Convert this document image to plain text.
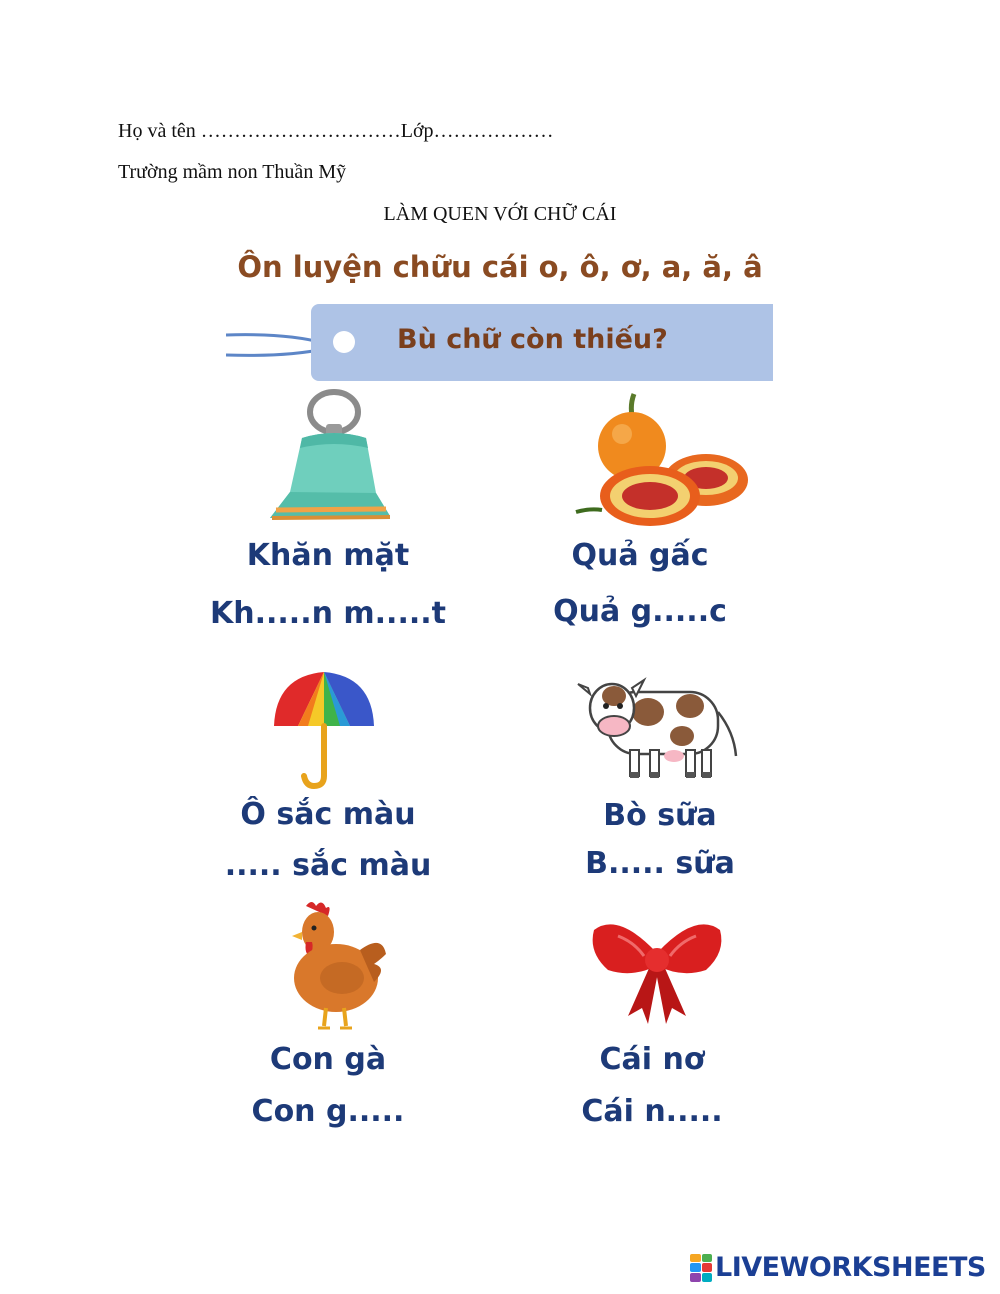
Họ và tên …………………………Lớp………………
Trường mầm non Thuần Mỹ
LÀM QUEN VỚI CHỮ CÁI
Ôn luyện chữu cái o, ô, ơ, a, ă, â
Bù chữ còn thiếu?
Khăn mặt
Kh.....n m.....t
Quả gấc
Quả g.....c
Ô sắc màu
..... sắc màu
Bò sữa
B..... sữa
Con gà
Con g.....
Cái nơ
Cái n.....
LIVEWORKSHEETS
